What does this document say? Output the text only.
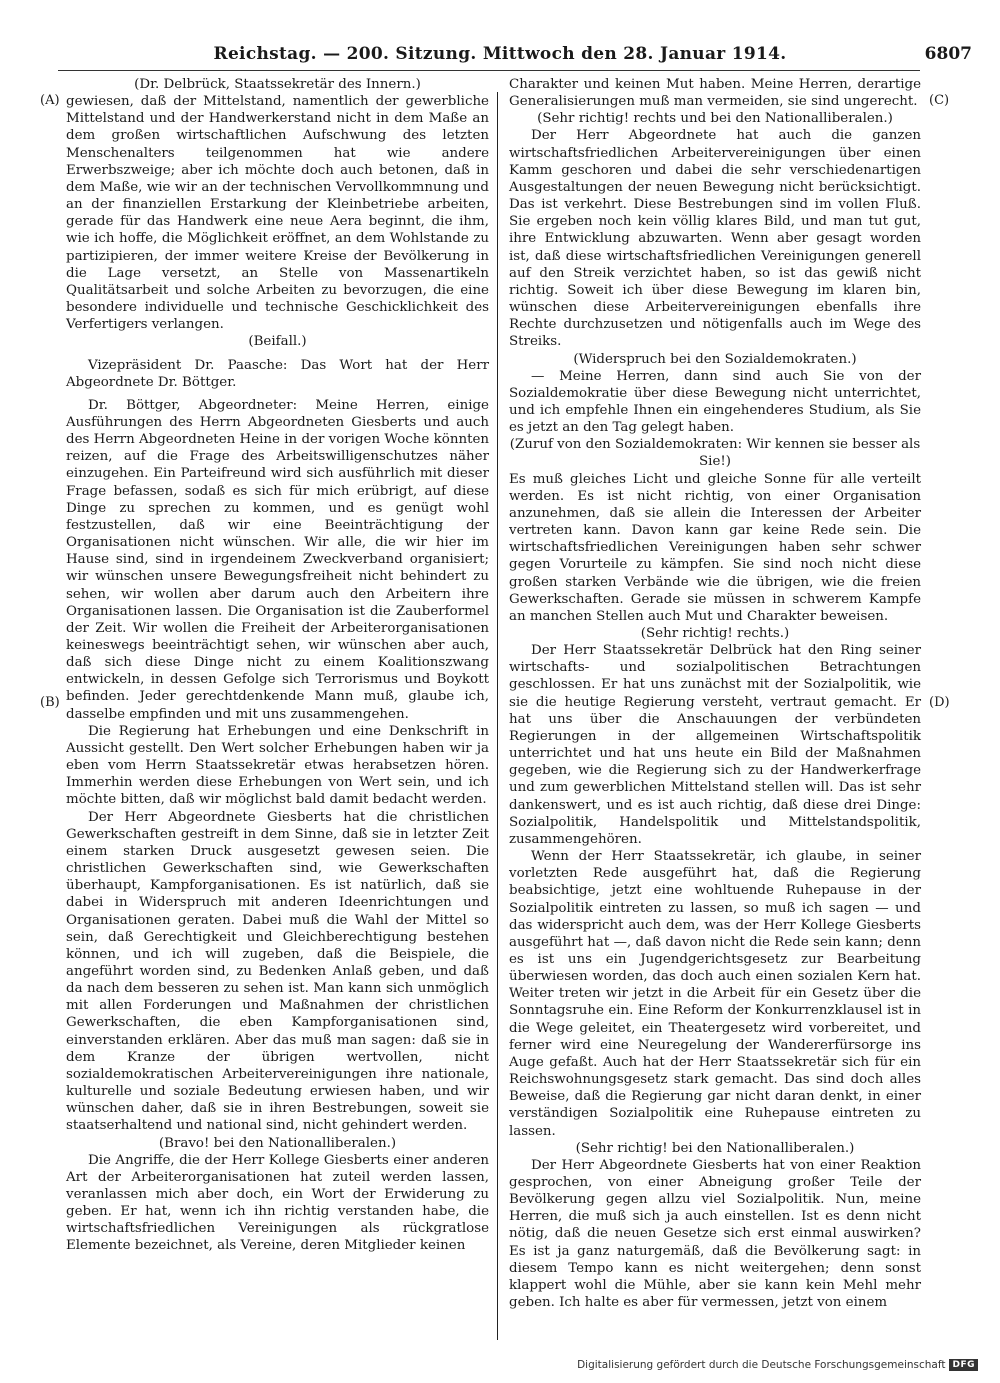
Reichstag. — 200. Sitzung. Mittwoch den 28. Januar 1914.	6807
(A)
(B)
(C)
(D)

(Dr. Delbrück, Staatssekretär des Innern.)

gewiesen, daß der Mittelstand, namentlich der gewerbliche Mittelstand und der Handwerkerstand nicht in dem Maße an dem großen wirtschaftlichen Aufschwung des letzten Menschenalters teilgenommen hat wie andere Erwerbszweige; aber ich möchte doch auch betonen, daß in dem Maße, wie wir an der technischen Vervollkommnung und an der finanziellen Erstarkung der Kleinbetriebe arbeiten, gerade für das Handwerk eine neue Aera beginnt, die ihm, wie ich hoffe, die Möglichkeit eröffnet, an dem Wohlstande zu partizipieren, der immer weitere Kreise der Bevölkerung in die Lage versetzt, an Stelle von Massenartikeln Qualitätsarbeit und solche Arbeiten zu bevorzugen, die eine besondere individuelle und technische Geschicklichkeit des Verfertigers verlangen.

(Beifall.)

Vizepräsident Dr. Paasche: Das Wort hat der Herr Abgeordnete Dr. Böttger.

Dr. Böttger, Abgeordneter: Meine Herren, einige Ausführungen des Herrn Abgeordneten Giesberts und auch des Herrn Abgeordneten Heine in der vorigen Woche könnten reizen, auf die Frage des Arbeitswilligenschutzes näher einzugehen. Ein Parteifreund wird sich ausführlich mit dieser Frage befassen, sodaß es sich für mich erübrigt, auf diese Dinge zu sprechen zu kommen, und es genügt wohl festzustellen, daß wir eine Beeinträchtigung der Organisationen nicht wünschen. Wir alle, die wir hier im Hause sind, sind in irgendeinem Zweckverband organisiert; wir wünschen unsere Bewegungsfreiheit nicht behindert zu sehen, wir wollen aber darum auch den Arbeitern ihre Organisationen lassen. Die Organisation ist die Zauberformel der Zeit. Wir wollen die Freiheit der Arbeiterorganisationen keineswegs beeinträchtigt sehen, wir wünschen aber auch, daß sich diese Dinge nicht zu einem Koalitionszwang entwickeln, in dessen Gefolge sich Terrorismus und Boykott befinden. Jeder gerechtdenkende Mann muß, glaube ich, dasselbe empfinden und mit uns zusammengehen.

Die Regierung hat Erhebungen und eine Denkschrift in Aussicht gestellt. Den Wert solcher Erhebungen haben wir ja eben vom Herrn Staatssekretär etwas herabsetzen hören. Immerhin werden diese Erhebungen von Wert sein, und ich möchte bitten, daß wir möglichst bald damit bedacht werden.

Der Herr Abgeordnete Giesberts hat die christlichen Gewerkschaften gestreift in dem Sinne, daß sie in letzter Zeit einem starken Druck ausgesetzt gewesen seien. Die christlichen Gewerkschaften sind, wie Gewerkschaften überhaupt, Kampforganisationen. Es ist natürlich, daß sie dabei in Widerspruch mit anderen Ideenrichtungen und Organisationen geraten. Dabei muß die Wahl der Mittel so sein, daß Gerechtigkeit und Gleichberechtigung bestehen können, und ich will zugeben, daß die Beispiele, die angeführt worden sind, zu Bedenken Anlaß geben, und daß da nach dem besseren zu sehen ist. Man kann sich unmöglich mit allen Forderungen und Maßnahmen der christlichen Gewerkschaften, die eben Kampforganisationen sind, einverstanden erklären. Aber das muß man sagen: daß sie in dem Kranze der übrigen wertvollen, nicht sozialdemokratischen Arbeitervereinigungen ihre nationale, kulturelle und soziale Bedeutung erwiesen haben, und wir wünschen daher, daß sie in ihren Bestrebungen, soweit sie staatserhaltend und national sind, nicht gehindert werden.

(Bravo! bei den Nationalliberalen.)

Die Angriffe, die der Herr Kollege Giesberts einer anderen Art der Arbeiterorganisationen hat zuteil werden lassen, veranlassen mich aber doch, ein Wort der Erwiderung zu geben. Er hat, wenn ich ihn richtig verstanden habe, die wirtschaftsfriedlichen Vereinigungen als rückgratlose Elemente bezeichnet, als Vereine, deren Mitglieder keinen

Charakter und keinen Mut haben. Meine Herren, derartige Generalisierungen muß man vermeiden, sie sind ungerecht.

(Sehr richtig! rechts und bei den Nationalliberalen.)

Der Herr Abgeordnete hat auch die ganzen wirtschaftsfriedlichen Arbeitervereinigungen über einen Kamm geschoren und dabei die sehr verschiedenartigen Ausgestaltungen der neuen Bewegung nicht berücksichtigt. Das ist verkehrt. Diese Bestrebungen sind im vollen Fluß. Sie ergeben noch kein völlig klares Bild, und man tut gut, ihre Entwicklung abzuwarten. Wenn aber gesagt worden ist, daß diese wirtschaftsfriedlichen Vereinigungen generell auf den Streik verzichtet haben, so ist das gewiß nicht richtig. Soweit ich über diese Bewegung im klaren bin, wünschen diese Arbeitervereinigungen ebenfalls ihre Rechte durchzusetzen und nötigenfalls auch im Wege des Streiks.

(Widerspruch bei den Sozialdemokraten.)

— Meine Herren, dann sind auch Sie von der Sozialdemokratie über diese Bewegung nicht unterrichtet, und ich empfehle Ihnen ein eingehenderes Studium, als Sie es jetzt an den Tag gelegt haben.

(Zuruf von den Sozialdemokraten: Wir kennen sie besser als Sie!)

Es muß gleiches Licht und gleiche Sonne für alle verteilt werden. Es ist nicht richtig, von einer Organisation anzunehmen, daß sie allein die Interessen der Arbeiter vertreten kann. Davon kann gar keine Rede sein. Die wirtschaftsfriedlichen Vereinigungen haben sehr schwer gegen Vorurteile zu kämpfen. Sie sind noch nicht diese großen starken Verbände wie die übrigen, wie die freien Gewerkschaften. Gerade sie müssen in schwerem Kampfe an manchen Stellen auch Mut und Charakter beweisen.

(Sehr richtig! rechts.)

Der Herr Staatssekretär Delbrück hat den Ring seiner wirtschafts- und sozialpolitischen Betrachtungen geschlossen. Er hat uns zunächst mit der Sozialpolitik, wie sie die heutige Regierung versteht, vertraut gemacht. Er hat uns über die Anschauungen der verbündeten Regierungen in der allgemeinen Wirtschaftspolitik unterrichtet und hat uns heute ein Bild der Maßnahmen gegeben, wie die Regierung sich zu der Handwerkerfrage und zum gewerblichen Mittelstand stellen will. Das ist sehr dankenswert, und es ist auch richtig, daß diese drei Dinge: Sozialpolitik, Handelspolitik und Mittelstandspolitik, zusammengehören.

Wenn der Herr Staatssekretär, ich glaube, in seiner vorletzten Rede ausgeführt hat, daß die Regierung beabsichtige, jetzt eine wohltuende Ruhepause in der Sozialpolitik eintreten zu lassen, so muß ich sagen — und das widerspricht auch dem, was der Herr Kollege Giesberts ausgeführt hat —, daß davon nicht die Rede sein kann; denn es ist uns ein Jugendgerichtsgesetz zur Bearbeitung überwiesen worden, das doch auch einen sozialen Kern hat. Weiter treten wir jetzt in die Arbeit für ein Gesetz über die Sonntagsruhe ein. Eine Reform der Konkurrenzklausel ist in die Wege geleitet, ein Theatergesetz wird vorbereitet, und ferner wird eine Neuregelung der Wandererfürsorge ins Auge gefaßt. Auch hat der Herr Staatssekretär sich für ein Reichswohnungsgesetz stark gemacht. Das sind doch alles Beweise, daß die Regierung gar nicht daran denkt, in einer verständigen Sozialpolitik eine Ruhepause eintreten zu lassen.

(Sehr richtig! bei den Nationalliberalen.)

Der Herr Abgeordnete Giesberts hat von einer Reaktion gesprochen, von einer Abneigung großer Teile der Bevölkerung gegen allzu viel Sozialpolitik. Nun, meine Herren, die muß sich ja auch einstellen. Ist es denn nicht nötig, daß die neuen Gesetze sich erst einmal auswirken? Es ist ja ganz naturgemäß, daß die Bevölkerung sagt: in diesem Tempo kann es nicht weitergehen; denn sonst klappert wohl die Mühle, aber sie kann kein Mehl mehr geben. Ich halte es aber für vermessen, jetzt von einem

Digitalisierung gefördert durch die Deutsche Forschungsgemeinschaft DFG
